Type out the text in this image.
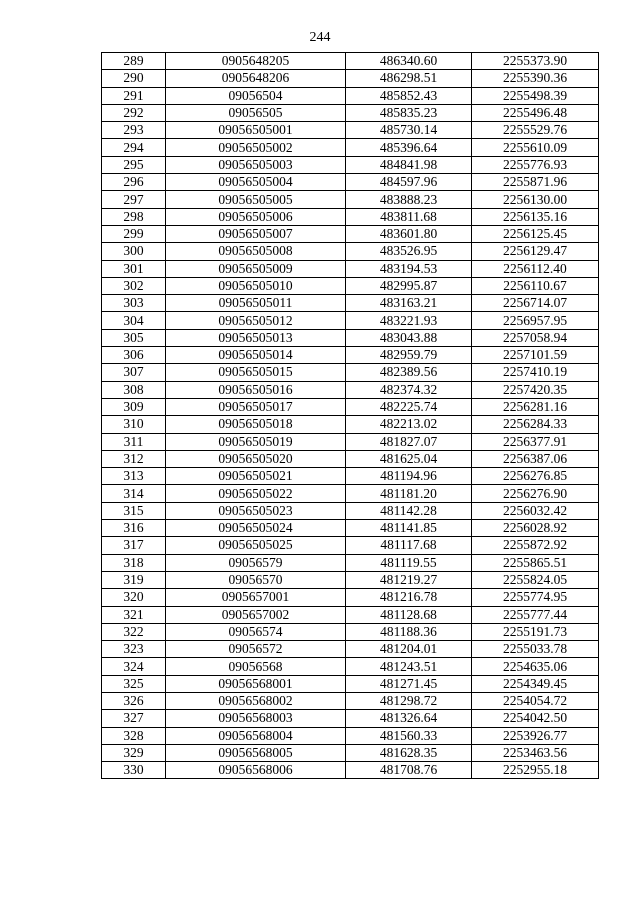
244
289	0905648205	486340.60	2255373.90
290	0905648206	486298.51	2255390.36
291	09056504	485852.43	2255498.39
292	09056505	485835.23	2255496.48
293	09056505001	485730.14	2255529.76
294	09056505002	485396.64	2255610.09
295	09056505003	484841.98	2255776.93
296	09056505004	484597.96	2255871.96
297	09056505005	483888.23	2256130.00
298	09056505006	483811.68	2256135.16
299	09056505007	483601.80	2256125.45
300	09056505008	483526.95	2256129.47
301	09056505009	483194.53	2256112.40
302	09056505010	482995.87	2256110.67
303	09056505011	483163.21	2256714.07
304	09056505012	483221.93	2256957.95
305	09056505013	483043.88	2257058.94
306	09056505014	482959.79	2257101.59
307	09056505015	482389.56	2257410.19
308	09056505016	482374.32	2257420.35
309	09056505017	482225.74	2256281.16
310	09056505018	482213.02	2256284.33
311	09056505019	481827.07	2256377.91
312	09056505020	481625.04	2256387.06
313	09056505021	481194.96	2256276.85
314	09056505022	481181.20	2256276.90
315	09056505023	481142.28	2256032.42
316	09056505024	481141.85	2256028.92
317	09056505025	481117.68	2255872.92
318	09056579	481119.55	2255865.51
319	09056570	481219.27	2255824.05
320	0905657001	481216.78	2255774.95
321	0905657002	481128.68	2255777.44
322	09056574	481188.36	2255191.73
323	09056572	481204.01	2255033.78
324	09056568	481243.51	2254635.06
325	09056568001	481271.45	2254349.45
326	09056568002	481298.72	2254054.72
327	09056568003	481326.64	2254042.50
328	09056568004	481560.33	2253926.77
329	09056568005	481628.35	2253463.56
330	09056568006	481708.76	2252955.18
